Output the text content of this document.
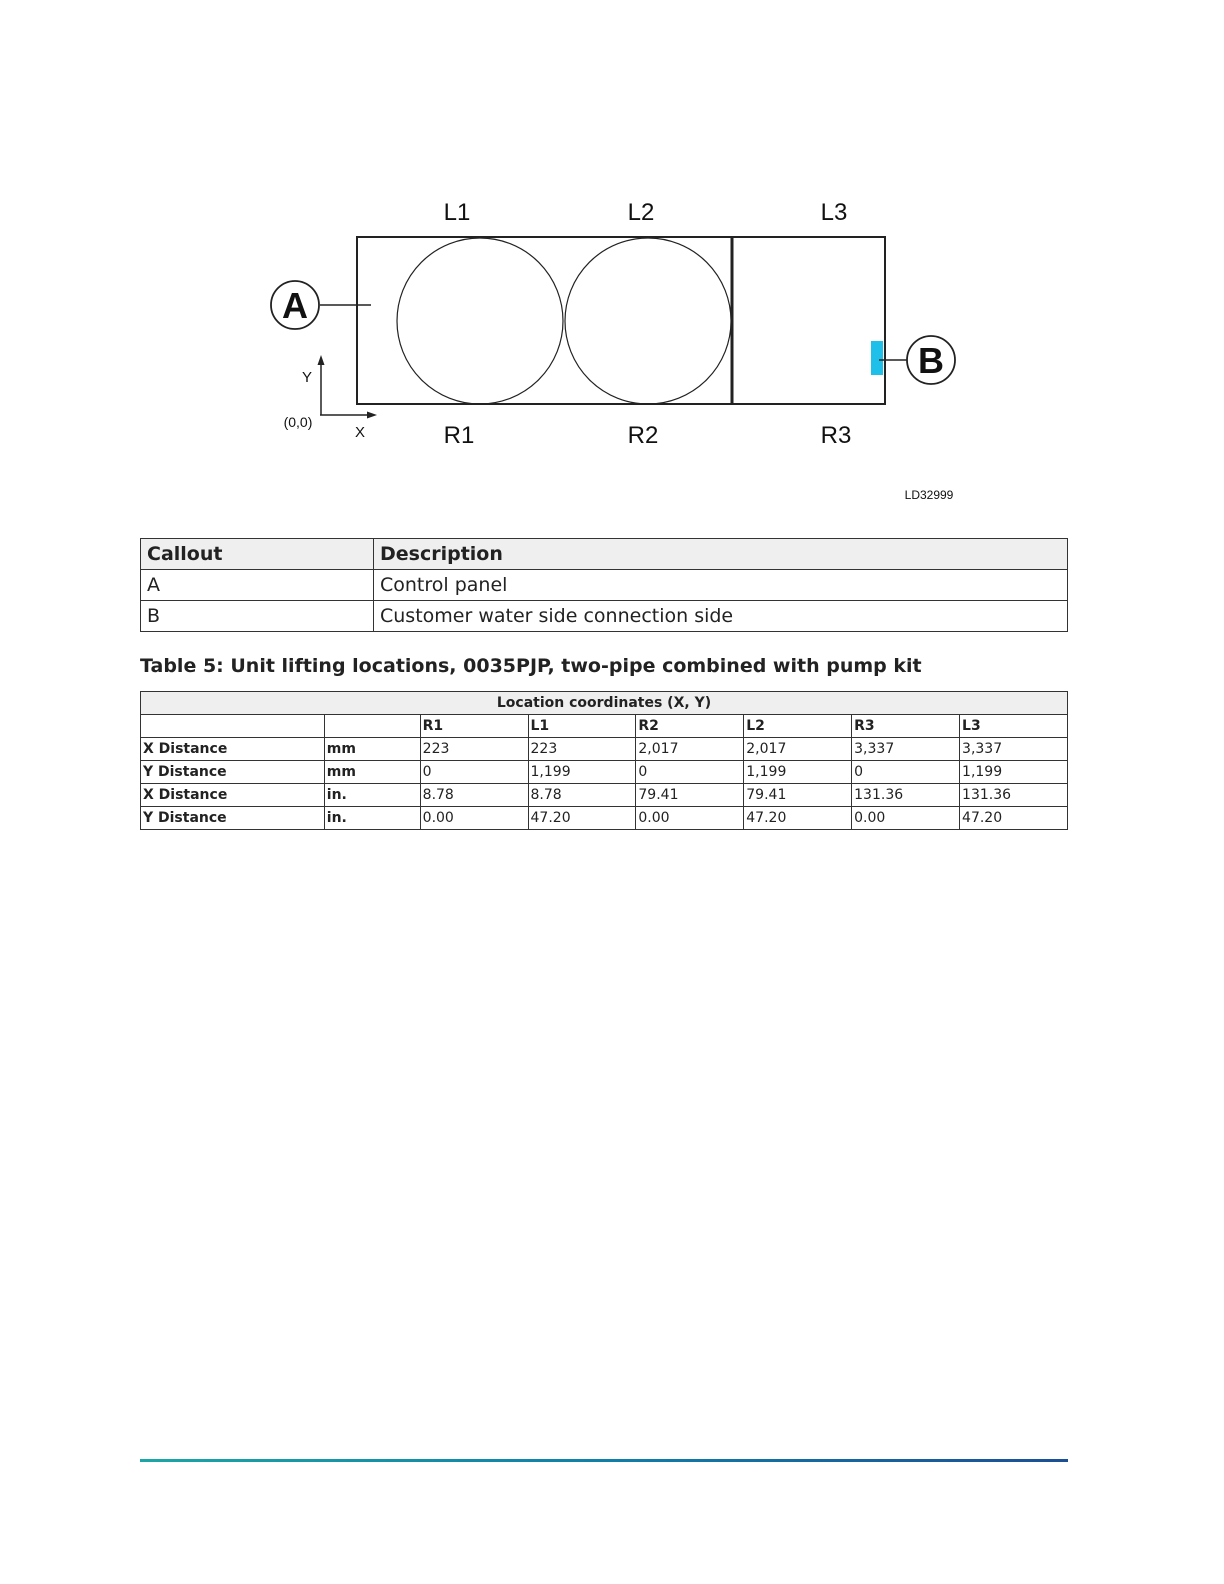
L1	L2	L3
A
B
Y
X
(0,0)	R1	R2	R3
LD32999
Callout	Description
A	Control panel
B	Customer water side connection side
Table 5: Unit lifting locations, 0035PJP, two-pipe combined with pump kit
Location coordinates (X, Y)							
		R1	L1	R2	L2	R3	L3
X Distance	mm	223	223	2,017	2,017	3,337	3,337
Y Distance	mm	0	1,199	0	1,199	0	1,199
X Distance	in.	8.78	8.78	79.41	79.41	131.36	131.36
Y Distance	in.	0.00	47.20	0.00	47.20	0.00	47.20
